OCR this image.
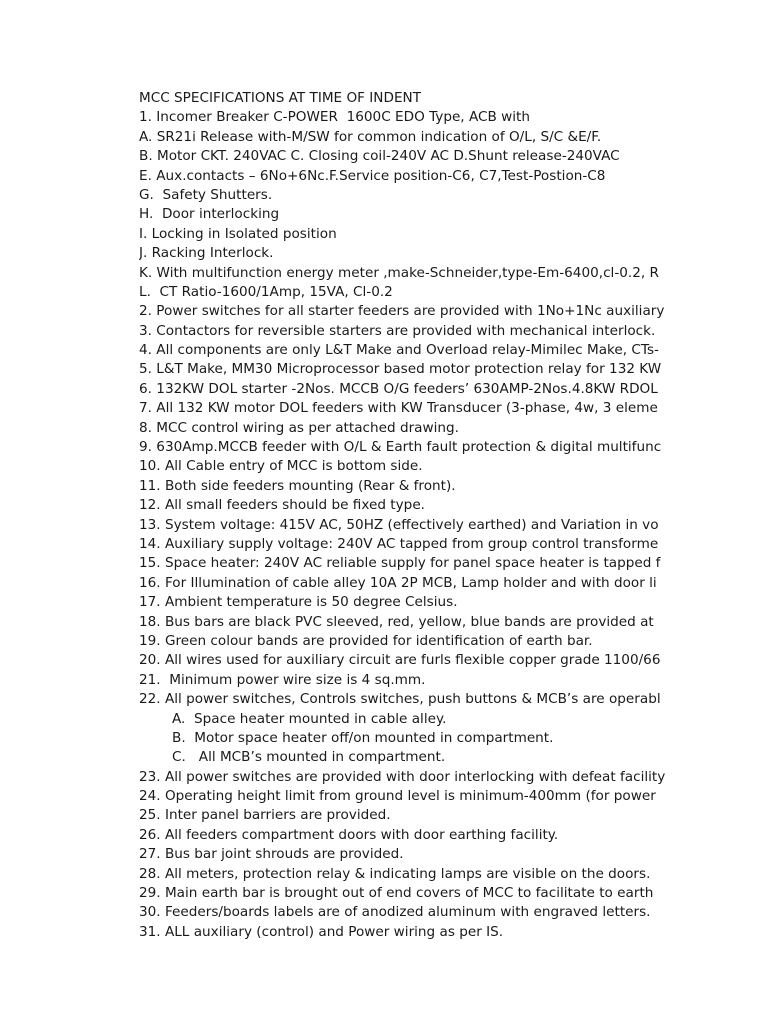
MCC SPECIFICATIONS AT TIME OF INDENT
1. Incomer Breaker C-POWER  1600C EDO Type, ACB with
A. SR21i Release with-M/SW for common indication of O/L, S/C &E/F.
B. Motor CKT. 240VAC C. Closing coil-240V AC D.Shunt release-240VAC
E. Aux.contacts – 6No+6Nc.F.Service position-C6, C7,Test-Postion-C8
G.  Safety Shutters.
H.  Door interlocking
I. Locking in Isolated position
J. Racking Interlock.
K. With multifunction energy meter ,make-Schneider,type-Em-6400,cl-0.2, R
L.  CT Ratio-1600/1Amp, 15VA, Cl-0.2
2. Power switches for all starter feeders are provided with 1No+1Nc auxiliary
3. Contactors for reversible starters are provided with mechanical interlock.
4. All components are only L&T Make and Overload relay-Mimilec Make, CTs-
5. L&T Make, MM30 Microprocessor based motor protection relay for 132 KW
6. 132KW DOL starter -2Nos. MCCB O/G feeders’ 630AMP-2Nos.4.8KW RDOL
7. All 132 KW motor DOL feeders with KW Transducer (3-phase, 4w, 3 eleme
8. MCC control wiring as per attached drawing.
9. 630Amp.MCCB feeder with O/L & Earth fault protection & digital multifunc
10. All Cable entry of MCC is bottom side.
11. Both side feeders mounting (Rear & front).
12. All small feeders should be fixed type.
13. System voltage: 415V AC, 50HZ (effectively earthed) and Variation in vo
14. Auxiliary supply voltage: 240V AC tapped from group control transforme
15. Space heater: 240V AC reliable supply for panel space heater is tapped f
16. For Illumination of cable alley 10A 2P MCB, Lamp holder and with door li
17. Ambient temperature is 50 degree Celsius.
18. Bus bars are black PVC sleeved, red, yellow, blue bands are provided at
19. Green colour bands are provided for identification of earth bar.
20. All wires used for auxiliary circuit are furls flexible copper grade 1100/66
21.  Minimum power wire size is 4 sq.mm.
22. All power switches, Controls switches, push buttons & MCB’s are operabl
A.  Space heater mounted in cable alley.
B.  Motor space heater off/on mounted in compartment.
C.   All MCB’s mounted in compartment.
23. All power switches are provided with door interlocking with defeat facility
24. Operating height limit from ground level is minimum-400mm (for power
25. Inter panel barriers are provided.
26. All feeders compartment doors with door earthing facility.
27. Bus bar joint shrouds are provided.
28. All meters, protection relay & indicating lamps are visible on the doors.
29. Main earth bar is brought out of end covers of MCC to facilitate to earth
30. Feeders/boards labels are of anodized aluminum with engraved letters.
31. ALL auxiliary (control) and Power wiring as per IS.
